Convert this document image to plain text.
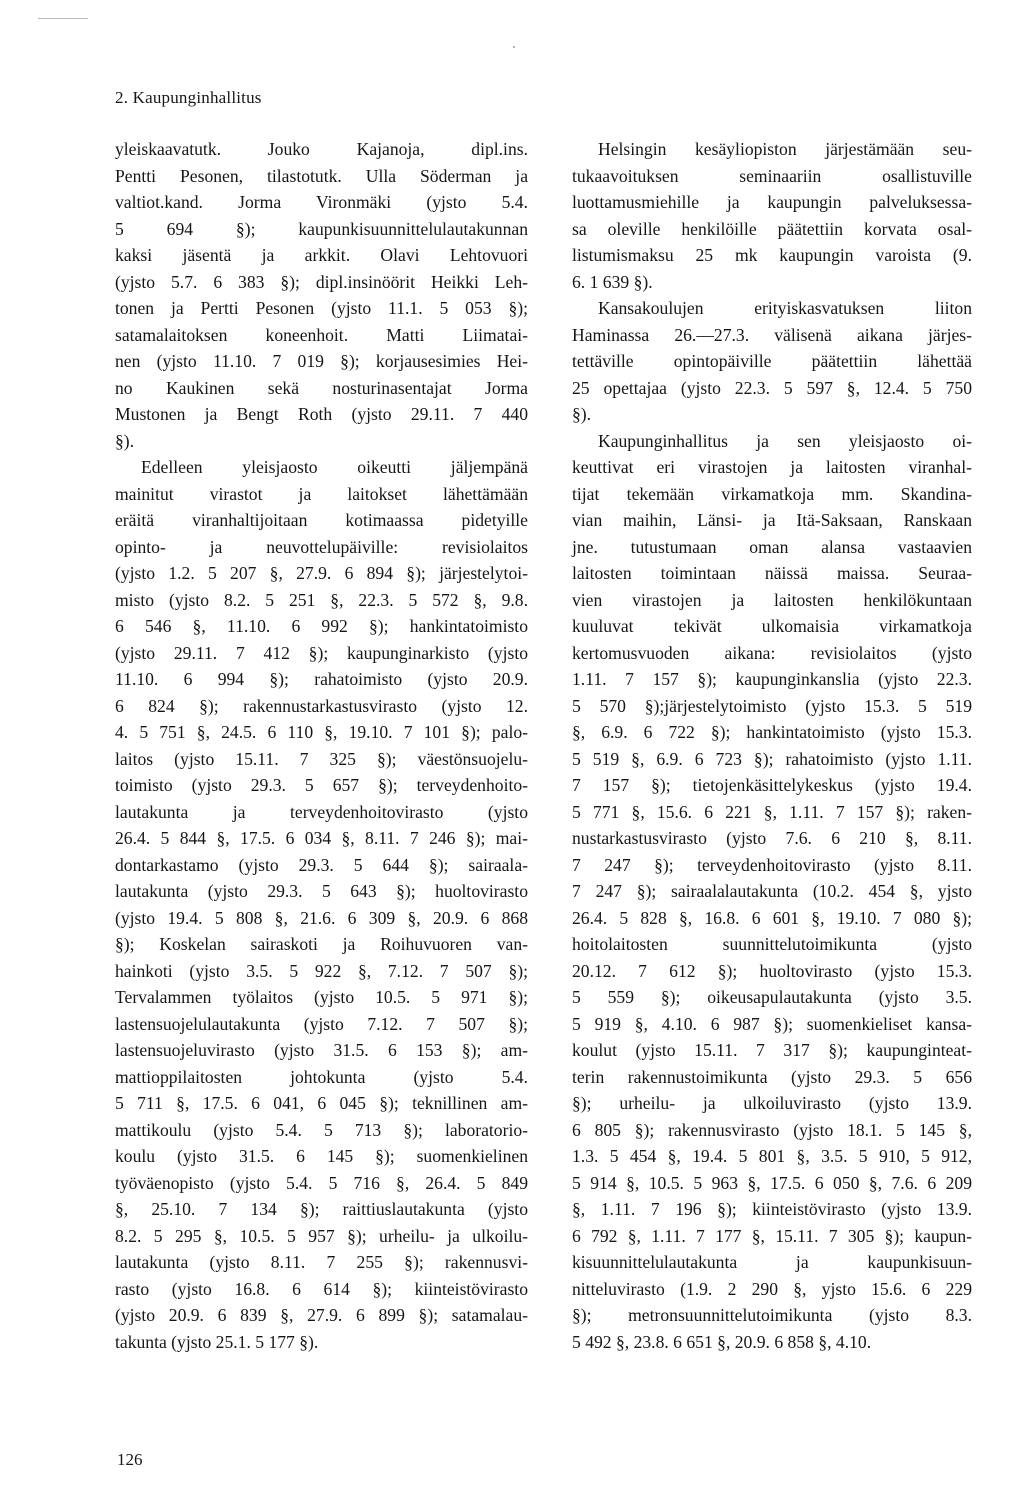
2. Kaupunginhallitus
yleiskaavatutk. Jouko Kajanoja, dipl.ins.
Pentti Pesonen, tilastotutk. Ulla Söderman ja
valtiot.kand. Jorma Vironmäki (yjsto 5.4.
5 694 §); kaupunkisuunnittelulautakunnan
kaksi jäsentä ja arkkit. Olavi Lehtovuori
(yjsto 5.7. 6 383 §); dipl.insinöörit Heikki Leh-
tonen ja Pertti Pesonen (yjsto 11.1. 5 053 §);
satamalaitoksen koneenhoit. Matti Liimatai-
nen (yjsto 11.10. 7 019 §); korjausesimies Hei-
no Kaukinen sekä nosturinasentajat Jorma
Mustonen ja Bengt Roth (yjsto 29.11. 7 440
§).
Edelleen yleisjaosto oikeutti jäljempänä
mainitut virastot ja laitokset lähettämään
eräitä viranhaltijoitaan kotimaassa pidetyille
opinto- ja neuvottelupäiville: revisiolaitos
(yjsto 1.2. 5 207 §, 27.9. 6 894 §); järjestelytoi-
misto (yjsto 8.2. 5 251 §, 22.3. 5 572 §, 9.8.
6 546 §, 11.10. 6 992 §); hankintatoimisto
(yjsto 29.11. 7 412 §); kaupunginarkisto (yjsto
11.10. 6 994 §); rahatoimisto (yjsto 20.9.
6 824 §); rakennustarkastusvirasto (yjsto 12.
4. 5 751 §, 24.5. 6 110 §, 19.10. 7 101 §); palo-
laitos (yjsto 15.11. 7 325 §); väestönsuojelu-
toimisto (yjsto 29.3. 5 657 §); terveydenhoito-
lautakunta ja terveydenhoitovirasto (yjsto
26.4. 5 844 §, 17.5. 6 034 §, 8.11. 7 246 §); mai-
dontarkastamo (yjsto 29.3. 5 644 §); sairaala-
lautakunta (yjsto 29.3. 5 643 §); huoltovirasto
(yjsto 19.4. 5 808 §, 21.6. 6 309 §, 20.9. 6 868
§); Koskelan sairaskoti ja Roihuvuoren van-
hainkoti (yjsto 3.5. 5 922 §, 7.12. 7 507 §);
Tervalammen työlaitos (yjsto 10.5. 5 971 §);
lastensuojelulautakunta (yjsto 7.12. 7 507 §);
lastensuojeluvirasto (yjsto 31.5. 6 153 §); am-
mattioppilaitosten johtokunta (yjsto 5.4.
5 711 §, 17.5. 6 041, 6 045 §); teknillinen am-
mattikoulu (yjsto 5.4. 5 713 §); laboratorio-
koulu (yjsto 31.5. 6 145 §); suomenkielinen
työväenopisto (yjsto 5.4. 5 716 §, 26.4. 5 849
§, 25.10. 7 134 §); raittiuslautakunta (yjsto
8.2. 5 295 §, 10.5. 5 957 §); urheilu- ja ulkoilu-
lautakunta (yjsto 8.11. 7 255 §); rakennusvi-
rasto (yjsto 16.8. 6 614 §); kiinteistövirasto
(yjsto 20.9. 6 839 §, 27.9. 6 899 §); satamalau-
takunta (yjsto 25.1. 5 177 §).
Helsingin kesäyliopiston järjestämään seu-
tukaavoituksen seminaariin osallistuville
luottamusmiehille ja kaupungin palveluksessa-
sa oleville henkilöille päätettiin korvata osal-
listumismaksu 25 mk kaupungin varoista (9.
6. 1 639 §).
Kansakoulujen erityiskasvatuksen liiton
Haminassa 26.—27.3. välisenä aikana järjes-
tettäville opintopäiville päätettiin lähettää
25 opettajaa (yjsto 22.3. 5 597 §, 12.4. 5 750
§).
Kaupunginhallitus ja sen yleisjaosto oi-
keuttivat eri virastojen ja laitosten viranhal-
tijat tekemään virkamatkoja mm. Skandina-
vian maihin, Länsi- ja Itä-Saksaan, Ranskaan
jne. tutustumaan oman alansa vastaavien
laitosten toimintaan näissä maissa. Seuraa-
vien virastojen ja laitosten henkilökuntaan
kuuluvat tekivät ulkomaisia virkamatkoja
kertomusvuoden aikana: revisiolaitos (yjsto
1.11. 7 157 §); kaupunginkanslia (yjsto 22.3.
5 570 §);järjestelytoimisto (yjsto 15.3. 5 519
§, 6.9. 6 722 §); hankintatoimisto (yjsto 15.3.
5 519 §, 6.9. 6 723 §); rahatoimisto (yjsto 1.11.
7 157 §); tietojenkäsittelykeskus (yjsto 19.4.
5 771 §, 15.6. 6 221 §, 1.11. 7 157 §); raken-
nustarkastusvirasto (yjsto 7.6. 6 210 §, 8.11.
7 247 §); terveydenhoitovirasto (yjsto 8.11.
7 247 §); sairaalalautakunta (10.2. 454 §, yjsto
26.4. 5 828 §, 16.8. 6 601 §, 19.10. 7 080 §);
hoitolaitosten suunnittelutoimikunta (yjsto
20.12. 7 612 §); huoltovirasto (yjsto 15.3.
5 559 §); oikeusapulautakunta (yjsto 3.5.
5 919 §, 4.10. 6 987 §); suomenkieliset kansa-
koulut (yjsto 15.11. 7 317 §); kaupunginteat-
terin rakennustoimikunta (yjsto 29.3. 5 656
§); urheilu- ja ulkoiluvirasto (yjsto 13.9.
6 805 §); rakennusvirasto (yjsto 18.1. 5 145 §,
1.3. 5 454 §, 19.4. 5 801 §, 3.5. 5 910, 5 912,
5 914 §, 10.5. 5 963 §, 17.5. 6 050 §, 7.6. 6 209
§, 1.11. 7 196 §); kiinteistövirasto (yjsto 13.9.
6 792 §, 1.11. 7 177 §, 15.11. 7 305 §); kaupun-
kisuunnittelulautakunta ja kaupunkisuun-
nitteluvirasto (1.9. 2 290 §, yjsto 15.6. 6 229
§); metronsuunnittelutoimikunta (yjsto 8.3.
5 492 §, 23.8. 6 651 §, 20.9. 6 858 §, 4.10.
126
